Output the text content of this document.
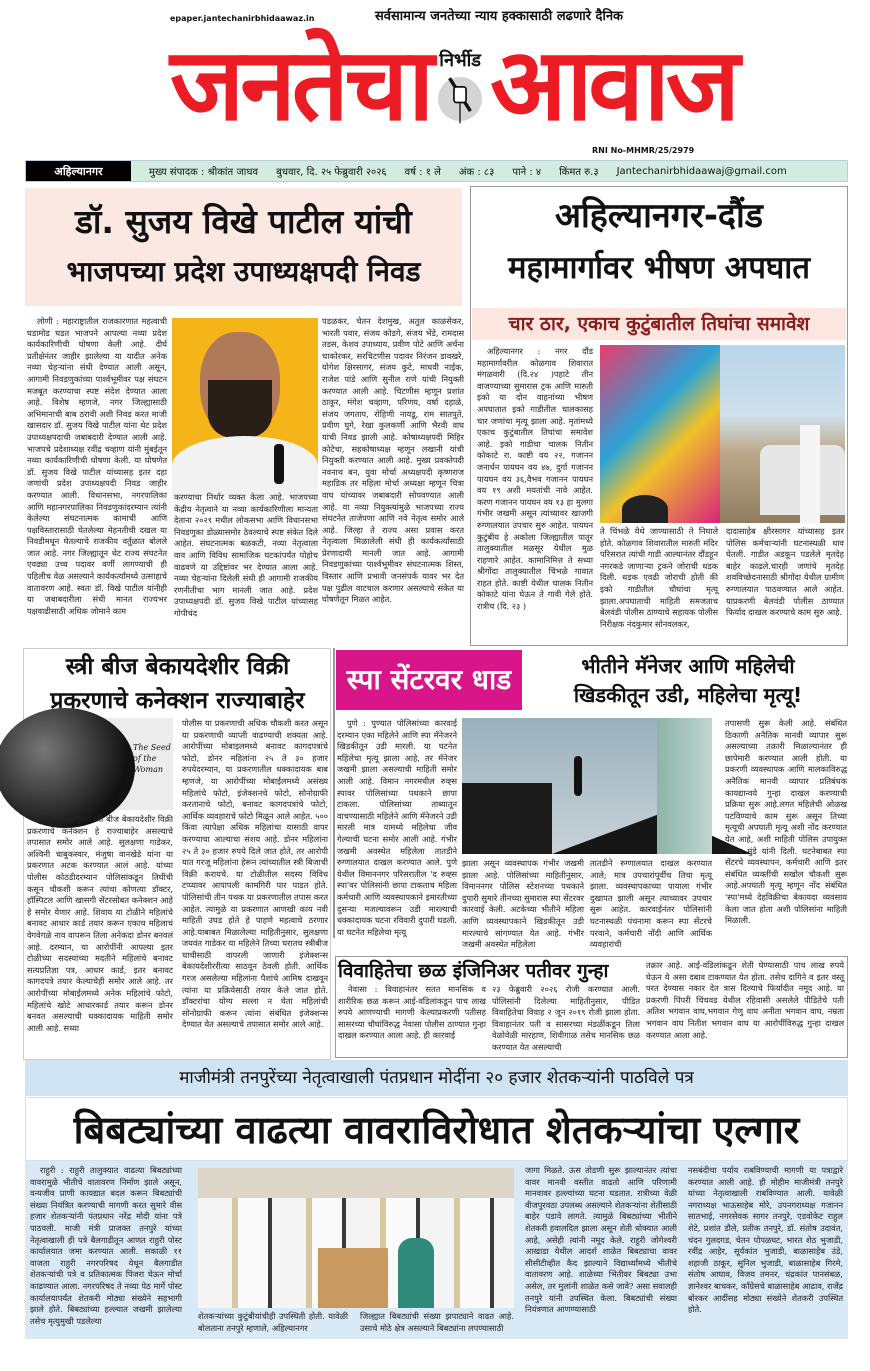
epaper.jantechanirbhidaawaz.in	सर्वसामान्य जनतेच्या न्याय हक्कासाठी लढणारे दैनिक
जनतेचा निर्भीड आवाज
RNI No-MHMR/25/2979
अहिल्यानगर	मुख्य संपादक : श्रीकांत जाधव बुधवार, दि. २५ फेब्रुवारी २०२६ वर्ष : १ ले अंक : ८३ पाने : ४ किंमत रु.३ Jantechanirbhidaawaj@gmail.com
डॉ. सुजय विखे पाटील यांची
भाजपच्या प्रदेश उपाध्यक्षपदी निवड

लोणी : महाराष्ट्रातील राजकारणात महत्वाची घडामोड घडत भाजपने आपल्या नव्या प्रदेश कार्यकारिणीची घोषणा केली आहे. दीर्घ प्रतीक्षेनंतर जाहीर झालेल्या या यादीत अनेक नव्या चेहऱ्यांना संधी देण्यात आली असून, आगामी निवडणुकांच्या पार्श्वभूमीवर पक्ष संघटन मजबूत करण्याचा स्पष्ट संदेश देण्यात आला आहे. विशेष म्हणजे, नगर जिल्ह्यासाठी अभिमानाची बाब ठरावी अशी निवड करत माजी खासदार डॉ. सुजय विखे पाटील यांना थेट प्रदेश उपाध्यक्षपदाची जबाबदारी देण्यात आली आहे. भाजपचे प्रदेशाध्यक्ष रवींद्र चव्हाण यांनी मुंबईतून नव्या कार्यकारिणीची घोषणा केली. या घोषणेत डॉ. सुजय विखे पाटील यांच्यासह इतर दहा जणांची प्रदेश उपाध्यक्षपदी निवड जाहीर करण्यात आली. विधानसभा, नगरपालिका आणि महानगरपालिका निवडणुकांदरम्यान त्यांनी केलेल्या संघटनात्मक कामाची आणि पक्षविस्तारासाठी घेतलेल्या मेहनतीची दखल या निवडीमधून घेतल्याचे राजकीय वर्तुळात बोलले जात आहे. नगर जिल्ह्यातून थेट राज्य संघटनेत एवढ्या उच्च पदावर वर्णी लागण्याची ही पहिलीच वेळ असल्याने कार्यकर्त्यांमध्ये उत्साहाचे वातावरण आहे. स्वतः डॉ. विखे पाटील यांनीही या जबाबदारीला संधी मानत राज्यभर पक्षवाढीसाठी अधिक जोमाने काम

करण्याचा निर्धार व्यक्त केला आहे. भाजपच्या केंद्रीय नेतृत्वाने या नव्या कार्यकारिणीला मान्यता देताना २०२९ मधील लोकसभा आणि विधानसभा निवडणुका डोळ्यासमोर ठेवल्याचे स्पष्ट संकेत दिले आहेत. संघटनात्मक बळकटी, नव्या नेतृत्वाला वाव आणि विविध सामाजिक घटकांपर्यंत पोहोच वाढवणे या उद्दिष्टांवर भर देण्यात आला आहे. नव्या चेहऱ्यांना दिलेली संधी ही आगामी राजकीय रणनीतीचा भाग मानली जात आहे. प्रदेश उपाध्यक्षपदी डॉ. सुजय विखे पाटील यांच्यासह गोपीचंद

पडळकर, चेतन देशमुख, अतुल काळसेकर, भारती पवार, संजय कोडगे, संजय भेंडे, रामदास तडस, केशव उपाध्याय, प्रवीण पोटे आणि अर्चना चाकोरकर, सरचिटणीस पदावर निरंजन डावखरे, योगेश क्षिरसागर, संजय कुटे, माधवी नाईक, राजेश पांडे आणि सुनील राणे यांची नियुक्ती करण्यात आली आहे. चिटणीस म्हणून प्रशांत ठाकूर, मंगेश चव्हाण, परिणय, वर्षा दहाळे, संजय जगताप, रोहिणी नायडू, राम सातपुते, प्रवीण घुगे, रेखा कुलकर्णी आणि भैरवी वाघ यांची निवड झाली आहे. कोषाध्यक्षपदी मिहिर कोटेचा, सहकोषाध्यक्ष म्हणून लखानी यांची नियुक्ती करण्यात आली आहे. मुख्य प्रवक्तेपदी नवनाथ बन, युवा मोर्चा अध्यक्षपदी कृष्णराज महाडिक तर महिला मोर्चा अध्यक्षा म्हणून चित्रा वाघ यांच्यावर जबाबदारी सोपवण्यात आली आहे. या नव्या नियुक्त्यांमुळे भाजपच्या राज्य संघटनेत ताजेपणा आणि नवे नेतृत्व समोर आले आहे. जिल्हा ते राज्य असा प्रवास करत नेतृत्वाला मिळालेली संधी ही कार्यकर्त्यांसाठी प्रेरणादायी मानली जात आहे. आगामी निवडणुकांच्या पार्श्वभूमीवर संघटनात्मक शिस्त, विस्तार आणि प्रभावी जनसंपर्क यावर भर देत पक्ष पुढील वाटचाल करणार असल्याचे संकेत या घोषणेतून मिळत आहेत.

अहिल्यानगर-दौंड
महामार्गावर भीषण अपघात
चार ठार, एकाच कुटुंबातील तिघांचा समावेश

अहिल्यानगर : नगर दौंड महामार्गावरील कोळगाव शिवारात मंगळवारी (दि.२४ )पहाटे तीन वाजण्याच्या सुमारास ट्रक आणि मारुती इको या दोन वाहनांच्या भीषण अपघातात इको गाडीतील चालकासह चार जणांचा मृत्यू झाला आहे. मृतांमध्ये एकाच कुटुंबातील तिघांचा समावेश आहे. इको गाडीचा चालक नितीन कोकाटे रा. काष्टी वय २२, गजानन जनार्धन पायघन वय ४७, दुर्गा गजानन पायघन वय ३६,वैभव गजानन पायघन वय १९ अशी मयतांची नावे आहेत. करण गजानन पायघन वय १३ हा मुलगा गंभीर जखमी असून त्यांच्यावर खाजगी रुग्णालयात उपचार सुरु आहेत. पायघन कुटुंबीय हे अकोला जिल्ह्यातील पातूर तालुक्यातील मळसूर येथील मुळ राहणारे आहेत. कामानिमित्त ते सध्या श्रीगोंदा तालुक्यातील चिंभळे गावात राहत होते. काष्टी येथील चालक नितीन कोकाटे यांना घेऊन ते गावी गेले होते. रात्रीच (दि. २३ )

ते चिंभळे येथे जाण्यासाठी ते निघाले होते. कोळगाव शिवारातील मारुती मंदिर परिसरात त्यांची गाडी आल्यानंतर दौंडहून नगरकडे जाणाऱ्या ट्रकने जोराची धडक दिली. धडक एवढी जोराची होती की इको गाडीतील चौघांचा मृत्यू झाला.अपघाताची माहिती समजताच बेलवंडी पोलीस ठाण्याचे सहायक पोलीस निरीक्षक नंदकुमार सोनवलकर,

दादासाहेब क्षीरसागर यांच्यासह इतर पोलिस कर्मचाऱ्यांनी घटनास्थळी धाव घेतली. गाडीत अडकून पडलेले मृतदेह बाहेर काढले.चारही जणांचे मृतदेह शवविच्छेदनासाठी श्रीगोंदा येथील ग्रामीण रुग्णालयात पाठवण्यात आले आहेत. याप्रकरणी बेलवंडी पोलीस ठाण्यात फिर्याद दाखल करण्याचे काम सुरु आहे.

स्त्री बीज बेकायदेशीर विक्री
प्रकरणाचे कनेक्शन राज्याबाहेर
The Seed of the Woman

मुंबई - बदलापुरात स्त्री बीज बेकायदेशीर विक्री प्रकरणाचे कनेक्शन हे राज्याबाहेर असल्याचे तपासात समोर आले आहे. सुलक्षणा गाडेकर, अश्विनी चाबुकस्वार, मंजुषा वानखेडे यांना या प्रकरणात अटक करण्यात आलं आहे. यांच्या पोलीस कोठडीदरम्यान पोलिसांकडून तिघींची कसून चौकशी करून त्यांचा कोणत्या डॉक्टर, हॉस्पिटल आणि खासगी सेंटरसोबत कनेक्शन आहे हे समोर येणार आहे. शिवाय या टोळीने महिलांचे बनावट आधार कार्ड तयार करून एकाच महिलाचं वेगवेगळे नाव वापरून तिला अनेकदा डोनर बनवलं आहे. दरम्यान, या आरोपींनी आपल्या इतर टोळीच्या सदस्यांच्या मदतीने महिलांचे बनावट सत्यप्रतिज्ञा पत्र, आधार कार्ड, इतर बनावट कागदपत्रे तयार केल्याचेही समोर आले आहे. तर आरोपींच्या मोबाईलमध्ये अनेक महिलांचे फोटो, महिलांचे खोटे आधारकार्ड तयार करून डोनर बनवत असल्याची धक्कादायक माहिती समोर आली आहे. सध्या

पोलीस या प्रकरणाची अधिक चौकशी करत असून या प्रकरणाची व्याप्ती वाढण्याची शक्यता आहे. आरोपींच्या मोबाइलमध्ये बनावट कागदपत्रांचे फोटो, डोनर महिलांना २५ ते ३० हजार रुपयेदरम्यान, या प्रकरणातील धक्कादायक बाब म्हणजे, या आरोपींच्या मोबाईलमध्ये असंख्य महिलांचे फोटो, इंजेक्शनचे फोटो, सोनोग्राफी करतानाचे फोटो, बनावट कागदपत्रांचे फोटो, आर्थिक व्यवहाराचे फोटो मिळून आले आहेत. ५०० किंवा त्यापेक्षा अधिक महिलांचा यासाठी वापर करण्याचा आल्याचा संशय आहे. डोनर महिलांना २५ ते ३० हजार रुपये दिले जात होते, तर आरोपी यात गरजू महिलांना हेरून त्यांच्यातील स्त्री बिजाची विक्री करायचे. या टोळीतील सदस्य विविध टप्प्यावर आपापली कामगिरी पार पाडत होते. पोलिसांची तीन पथक या प्रकरणातील तपास करत आहेत. त्यामुळे या प्रकरणात आणखी काय नवी माहिती उघड होते हे पाहणे महत्वाचे ठरणार आहे.याबाबत मिळालेल्या माहितीनुसार, सुलक्षणा जयवंत गाडेकर या महिलेने तिच्या घरातच स्त्रीबीज चाचीसाठी वापरली जाणारी इंजेक्शन्स बेकायदेशीररीत्या साठवून ठेवली होती. आर्थिक गरज असलेल्या महिलांना पैशांचे आमिष दाखवून त्यांना या प्रक्रियेसाठी तयार केले जात होते. डॉक्टरांचा योग्य सल्ला न घेता महिलांची सोनोग्राफी करून त्यांना संबंधित इंजेक्शन्स देण्यात येत असल्याचे तपासात समोर आले आहे.

स्पा सेंटरवर धाड	भीतीने मॅनेजर आणि महिलेची
खिडकीतून उडी, महिलेचा मृत्यू!

पुणे : पुण्यात पोलिसांच्या कारवाई दरम्यान एका महिलेने आणि स्पा मॅनेजरने खिडकीतून उडी मारली. या घटनेत महिलेचा मृत्यू झाला आहे, तर मॅनेजर जखमी झाला असल्याची माहिती समोर आली आहे. विमान नगरमधील रुव्ह्स स्पावर पोलिसांच्या पथकाने छापा टाकला. पोलिसांच्या ताब्यातून वाचण्यासाठी महिलेने आणि मॅनेजरने उडी मारली मात्र यामध्ये महिलेचा जीव गेल्याची घटना समोर आली आहे. गंभीर जखमी अवस्थेत महिलेला तातडीने रुग्णालयात दाखल करण्यात आले. पुणे येथील विमाननगर परिसरातील 'द रुव्ह्स स्पा'वर पोलिसांनी छापा टाकताच महिला कर्मचारी आणि व्यवस्थापकाने इमारतीच्या दुसऱ्या मजल्यावरून उडी मारल्याची धक्कादायक घटना रविवारी दुपारी घडली. या घटनेत महिलेचा मृत्यू

झाला असून व्यवस्थापक गंभीर जखमी झाला आहे. पोलिसांच्या माहितीनुसार, विमाननगर पोलिस स्टेशनच्या पथकाने दुपारी सुमारे तीनच्या सुमारास स्पा सेंटरवर कारवाई केली. अटकेच्या भीतीने महिला आणि व्यवस्थापकाने खिडकीतून उडी मारल्याचे सांगण्यात येत आहे. गंभीर जखमी अवस्थेत महिलेला

तातडीने रुग्णालयात दाखल करण्यात आले; मात्र उपचारांपूर्वीच तिचा मृत्यू झाला. व्यवस्थापकाच्या पायाला गंभीर दुखापत झाली असून त्याच्यावर उपचार सुरू आहेत. कारवाईनंतर पोलिसांनी घटनास्थळी पंचनामा करून स्पा सेंटरचे परवाने, कर्मचारी नोंदी आणि आर्थिक व्यवहारांची

तपासणी सुरू केली आहे. संबंधित ठिकाणी अनैतिक मानवी व्यापार सुरू असल्याच्या तक्रारी मिळाल्यानंतर ही छापेमारी करण्यात आली होती. या प्रकरणी व्यवस्थापक आणि मालकाविरुद्ध अनैतिक मानवी व्यापार प्रतिबंधक कायद्यान्वये गुन्हा दाखल करण्याची प्रक्रिया सुरू आहे.लगत महिलेची ओळख पटविण्याचे काम सुरू असून तिच्या मृत्यूची अपघाती मृत्यू अशी नोंद करण्यात येत आहे, अशी माहिती पोलिस उपायुक्त सोमय मुंडे यांनी दिली. घटनेबाबत स्पा सेंटरचे व्यवस्थापन, कर्मचारी आणि इतर संबंधित व्यक्तींची सखोल चौकशी सुरू आहे.अपघाती मृत्यू म्हणून नोंद संबंधित 'स्पा'मध्ये देहविक्रीचा बेकायदा व्यवसाय केला जात होता अशी पोलिसांना माहिती मिळाली.

विवाहितेचा छळ इंजिनिअर पतीवर गुन्हा

नेवासा : विवाहानंतर सतत मानसिक व शारीरिक छळ करून आई-वडिलांकडून पाच लाख रुपये आणण्याची मागणी केल्याप्रकरणी पतीसह सासरच्या चौघांविरुद्ध नेवासा पोलीस ठाण्यात गुन्हा दाखल करण्यात आला आहे. ही कारवाई

२३ फेब्रुवारी २०२६ रोजी करण्यात आली. पोलिसांनी दिलेल्या माहितीनुसार, पीडित विवाहितेचा विवाह २ जून २०१९ रोजी झाला होता. विवाहानंतर पती व सासरच्या मंडळींकडून तिला वेळोवेळी मारहाण, शिवीगाळ तसेच मानसिक छळ करण्यात येत असल्याची

तक्रार आहे. आई-वडिलांकडून शेती घेण्यासाठी पाच लाख रुपये घेऊन ये असा दबाव टाकण्यात येत होता. तसेच दागिने व इतर वस्तू परत देण्यास नकार देत त्रास दिल्याचे फिर्यादीत नमूद आहे. या प्रकरणी पिंपरी चिंचवड येथील रहिवासी असलेले पीडितेचे पती अतिश भगवान वाघ,भगवान गेणु वाघ अनीता भगवान वाघ, नम्रता भगवान वाघ नितीश भगवान वाघ या आरोपींविरुद्ध गुन्हा दाखल करण्यात आला आहे.

माजीमंत्री तनपुरेंच्या नेतृत्वाखाली पंतप्रधान मोदींना २० हजार शेतकऱ्यांनी पाठविले पत्र
बिबट्यांच्या वाढत्या वावराविरोधात शेतकऱ्यांचा एल्गार

राहुरी : राहुरी तालुक्यात वाढत्या बिबट्यांच्या वावरामुळे भीतीचे वातावरण निर्माण झाले असून, वन्यजीव प्राणी कायद्यात बदल करून बिबट्यांची संख्या नियंत्रित करण्याची मागणी करत सुमारे वीस हजार शेतकऱ्यांनी पंतप्रधान नरेंद्र मोदी यांना पत्रे पाठवली. माजी मंत्री प्राजक्त तनपुरे यांच्या नेतृत्वाखाली ही पत्रे बैलगाडीतून आणत राहुरी पोस्ट कार्यालयात जमा करण्यात आली. सकाळी ११ वाजता राहुरी नगरपरिषद येथून बैलगाडीत शेतकऱ्यांची पत्रे व प्रतिकात्मक पिंजरा घेऊन मोर्चा काढण्यात आला. नगरपरिषद ते नव्या पेठ मार्गे पोस्ट कार्यालयापर्यंत शेतकरी मोठ्या संख्येने सहभागी झाले होते. बिबट्यांच्या हल्ल्यात जखमी झालेल्या तसेच मृत्युमुखी पडलेल्या	शेतकऱ्यांच्या कुटुंबीयांचीही उपस्थिती होती. यावेळी बोलताना तनपुरे म्हणाले, अहिल्यानगर

जिल्ह्यात बिबट्यांची संख्या झपाट्याने वाढत आहे. उसाचे मोठे क्षेत्र असल्याने बिबट्यांना लपण्यासाठी

जागा मिळते. ऊस तोडणी सुरू झाल्यानंतर त्यांचा वावर मानवी वस्तीत वाढतो आणि परिणामी मानवावर हल्ल्यांच्या घटना घडतात. रात्रीच्या वेळी वीजपुरवठा उपलब्ध असल्याने शेतकऱ्यांना शेतीसाठी बाहेर पडावे लागते. त्यामुळे बिबट्यांच्या भीतीने शेतकरी हवालदिल झाला असून शेती धोक्यात आली आहे, असेही त्यांनी नमूद केले. राहुरी जोगेश्वरी आखाडा येथील आदर्श शाळेत बिबट्याचा वावर सीसीटीव्हीत कैद झाल्याने विद्यार्थ्यांमध्ये भीतीचे वातावरण आहे. शाळेच्या भिंतीवर बिबट्या उभा असेल, तर मुलांनी शाळेत कसे जावे? असा सवालही तनपुरे यांनी उपस्थित केला. बिबट्यांची संख्या नियंत्रणात आणण्यासाठी

नसबंदीचा पर्याय राबविण्याची मागणी या पत्राद्वारे करण्यात आली आहे. ही मोहीम माजीमंत्री तनपुरे यांच्या नेतृत्वाखाली राबविण्यात आली. यावेळी नगराध्यक्ष भाऊसाहेब मोरे, उपनगराध्यक्ष गजानन सातभाई, नगरसेवक सागर तनपुरे, एडवोकेट राहुल शेटे, प्रशांत डौले, प्रतीक तनपुरे, डॉ. संतोष उदावंत, चंदन गुलदगड, चेतन पोपळघट, भारत शेठ भुजाडी, रवींद्र आहेर, सूर्यकांत भुजाडी, बाळासाहेब उंडे, शहाजी ठाकूर, सुनिल भुजाडी, बाळासाहेब गिरमे, संतोष आघाव, विजय तमनर, चंद्रकांत पानसंबळ, ज्ञानेश्वर बाचकर, काँग्रेसचे बाळासाहेब आढाव, राजेंद्र बोरकर आदींसह मोठ्या संख्येने शेतकरी उपस्थित होते.
